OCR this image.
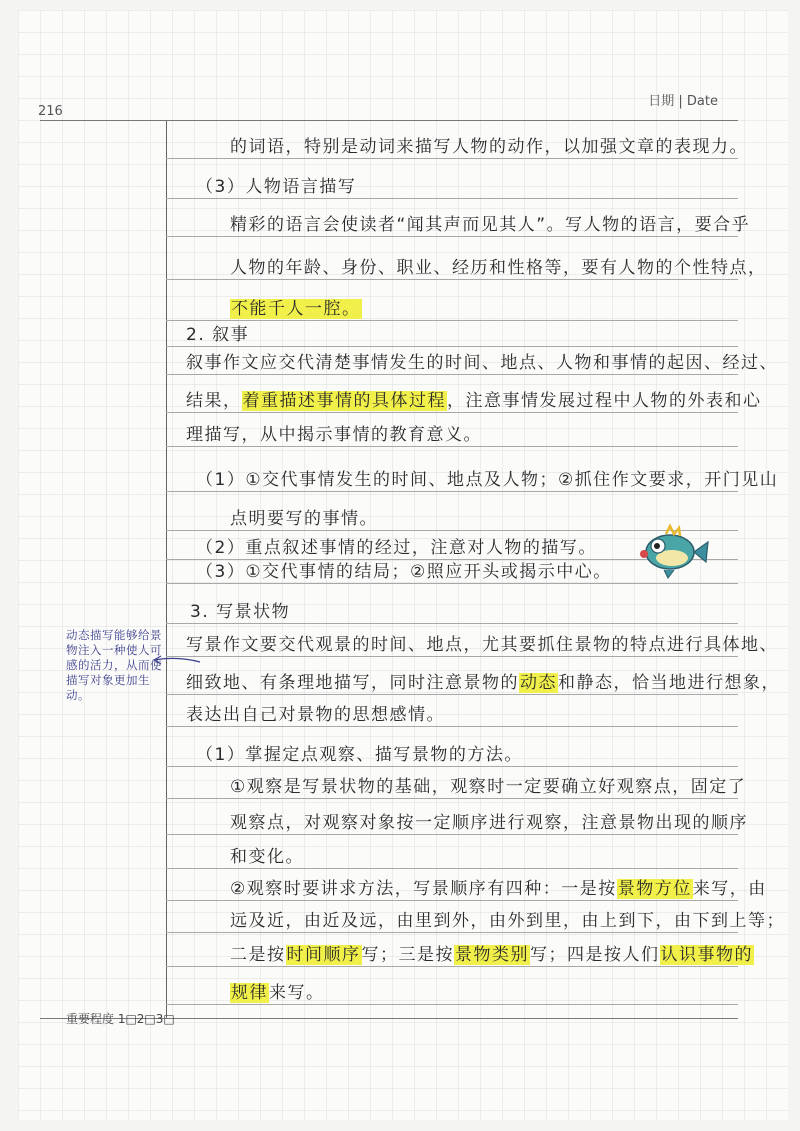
216
日期 | Date
的词语，特别是动词来描写人物的动作，以加强文章的表现力。
（3）人物语言描写
精彩的语言会使读者“闻其声而见其人”。写人物的语言，要合乎
人物的年龄、身份、职业、经历和性格等，要有人物的个性特点，
不能千人一腔。
2. 叙事
叙事作文应交代清楚事情发生的时间、地点、人物和事情的起因、经过、
结果，着重描述事情的具体过程，注意事情发展过程中人物的外表和心
理描写，从中揭示事情的教育意义。
（1）①交代事情发生的时间、地点及人物；②抓住作文要求，开门见山
点明要写的事情。
（2）重点叙述事情的经过，注意对人物的描写。
（3）①交代事情的结局；②照应开头或揭示中心。
3. 写景状物
写景作文要交代观景的时间、地点，尤其要抓住景物的特点进行具体地、
细致地、有条理地描写，同时注意景物的动态和静态，恰当地进行想象，
表达出自己对景物的思想感情。
（1）掌握定点观察、描写景物的方法。
①观察是写景状物的基础，观察时一定要确立好观察点，固定了
观察点，对观察对象按一定顺序进行观察，注意景物出现的顺序
和变化。
②观察时要讲求方法，写景顺序有四种：一是按景物方位来写，由
远及近，由近及远，由里到外，由外到里，由上到下，由下到上等；
二是按时间顺序写；三是按景物类别写；四是按人们认识事物的
规律来写。
动态描写能够给景物注入一种使人可感的活力，从而使描写对象更加生动。
重要程度 1□2□3□
